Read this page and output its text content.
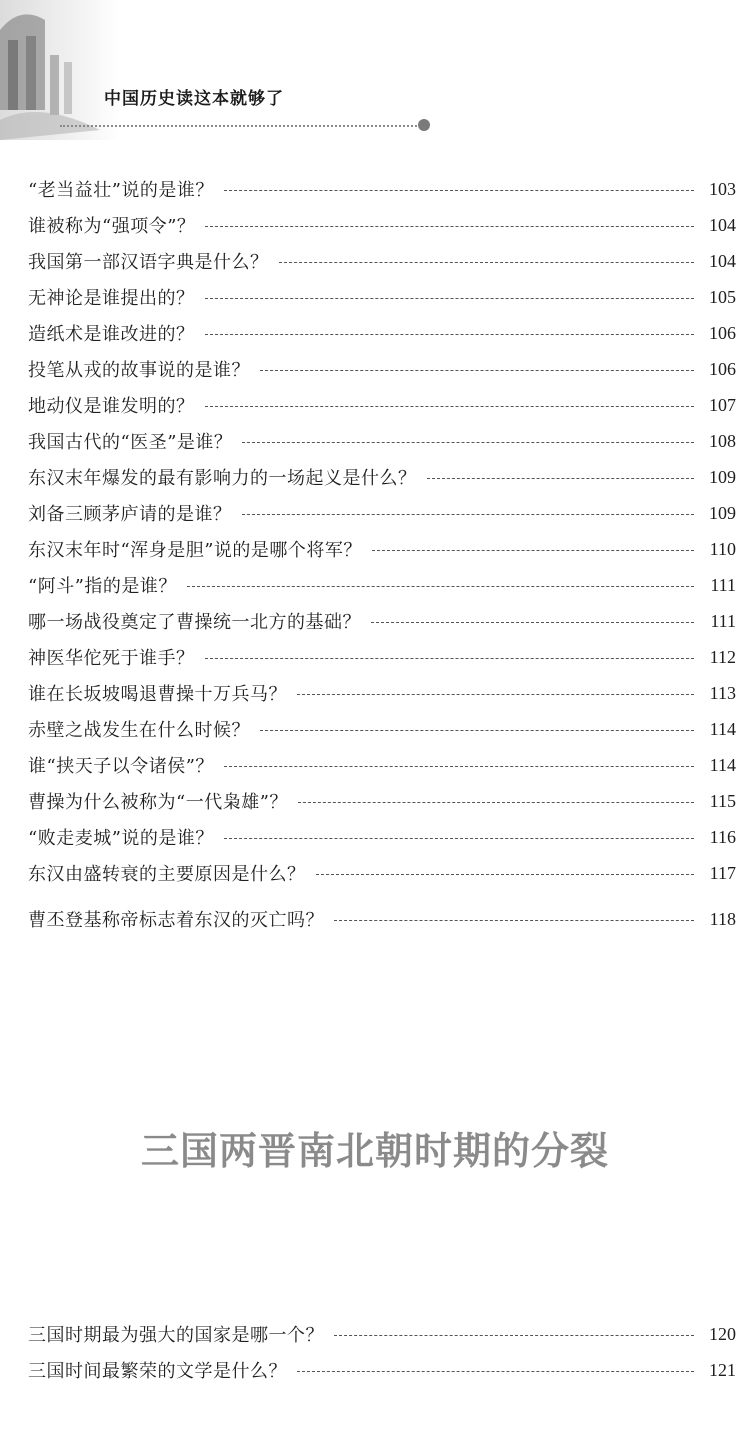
中国历史读这本就够了
“老当益壮”说的是谁？	103
谁被称为“强项令”？	104
我国第一部汉语字典是什么？	104
无神论是谁提出的？	105
造纸术是谁改进的？	106
投笔从戎的故事说的是谁？	106
地动仪是谁发明的？	107
我国古代的“医圣”是谁？	108
东汉末年爆发的最有影响力的一场起义是什么？	109
刘备三顾茅庐请的是谁？	109
东汉末年时“浑身是胆”说的是哪个将军？	110
“阿斗”指的是谁？	111
哪一场战役奠定了曹操统一北方的基础？	111
神医华佗死于谁手？	112
谁在长坂坡喝退曹操十万兵马？	113
赤壁之战发生在什么时候？	114
谁“挟天子以令诸侯”？	114
曹操为什么被称为“一代枭雄”？	115
“败走麦城”说的是谁？	116
东汉由盛转衰的主要原因是什么？	117
曹丕登基称帝标志着东汉的灭亡吗？	118
三国两晋南北朝时期的分裂
三国时期最为强大的国家是哪一个？	120
三国时间最繁荣的文学是什么？	121
